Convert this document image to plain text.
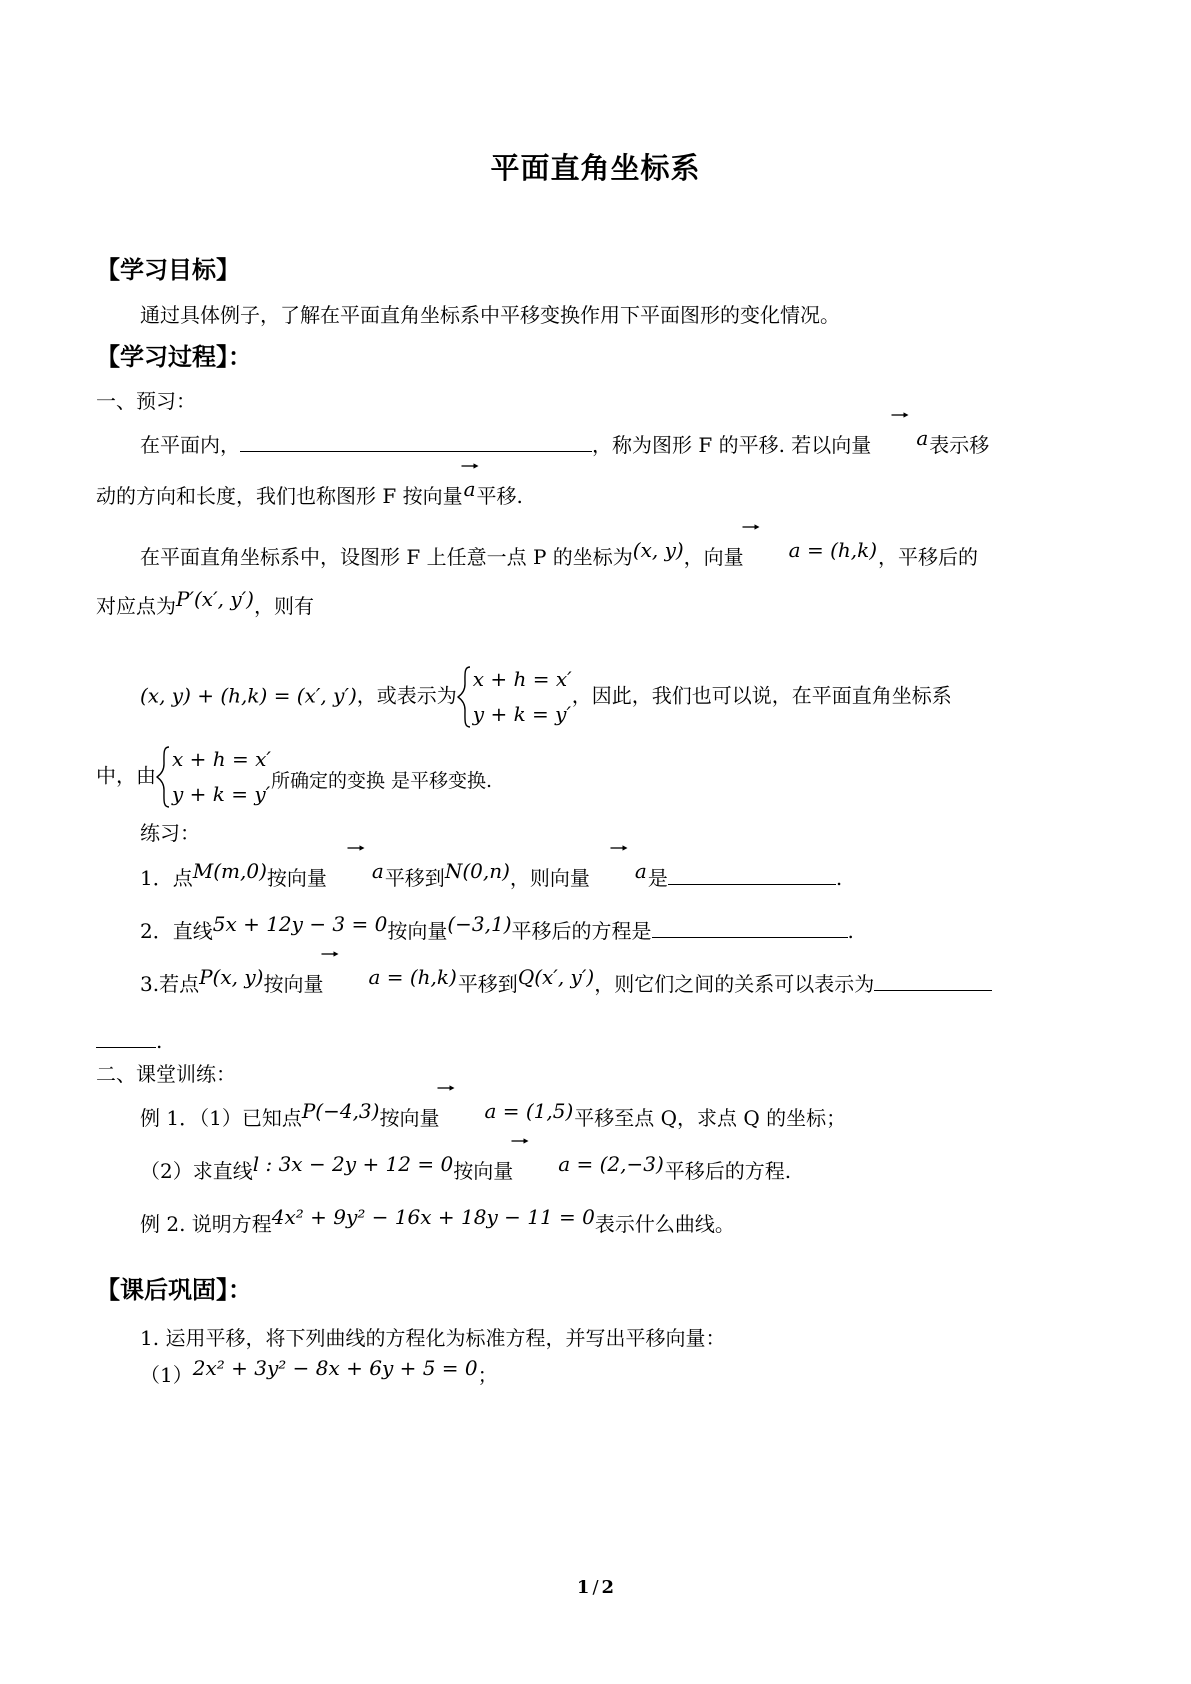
平面直角坐标系
【学习目标】

通过具体例子，了解在平面直角坐标系中平移变换作用下平面图形的变化情况。

【学习过程】：
一、预习：

在平面内，	，称为图形 F 的平移. 若以向量 a
表示移

动的方向和长度，我们也称图形 F 按向量a
平移.

在平面直角坐标系中，设图形 F 上任意一点 P 的坐标为(x, y)，向量 a = (h,k)
，平移后的

对应点为P′(x′, y′)，则有

(x, y) + (h,k) = (x′, y′)，或表示为
x + h = x′
y + k = y′
，因此，我们也可以说，在平面直角坐标系

中，由
x + h = x′
y + k = y′
所确定的变换 是平移变换.

练习：

1．点M(m,0)按向量 a
平移到N(0,n)，则向量 a
是	.

2．直线5x + 12y − 3 = 0按向量(−3,1)平移后的方程是	.

3.若点P(x, y)按向量 a = (h,k)
平移到Q(x′, y′)，则它们之间的关系可以表示为

.

二、课堂训练：

例 1．（1）已知点P(−4,3)按向量 a = (1,5)
平移至点 Q，求点 Q 的坐标；

（2）求直线l : 3x − 2y + 12 = 0按向量 a = (2,−3)
平移后的方程.

例 2. 说明方程4x² + 9y² − 16x + 18y − 11 = 0表示什么曲线。

【课后巩固】：

1. 运用平移，将下列曲线的方程化为标准方程，并写出平移向量：

（1）2x² + 3y² − 8x + 6y + 5 = 0；

1 / 2
